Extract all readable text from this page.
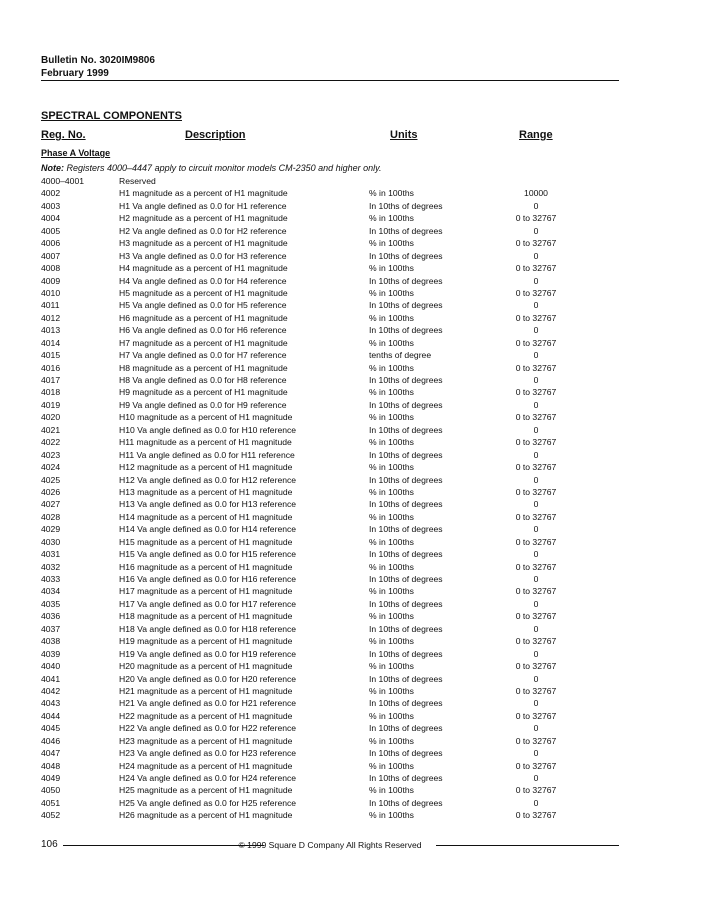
Bulletin No. 3020IM9806
February 1999
SPECTRAL COMPONENTS
Reg. No.	Description	Units	Range
Phase A Voltage
Note: Registers 4000–4447 apply to circuit monitor models CM-2350 and higher only.
4000–4001	Reserved
4002	H1 magnitude as a percent of H1 magnitude	% in 100ths	10000
4003	H1 Va angle defined as 0.0 for H1 reference	In 10ths of degrees	0
4004	H2 magnitude as a percent of H1 magnitude	% in 100ths	0 to 32767
4005	H2 Va angle defined as 0.0 for H2 reference	In 10ths of degrees	0
4006	H3 magnitude as a percent of H1 magnitude	% in 100ths	0 to 32767
4007	H3 Va angle defined as 0.0 for H3 reference	In 10ths of degrees	0
4008	H4 magnitude as a percent of H1 magnitude	% in 100ths	0 to 32767
4009	H4 Va angle defined as 0.0 for H4 reference	In 10ths of degrees	0
4010	H5 magnitude as a percent of H1 magnitude	% in 100ths	0 to 32767
4011	H5 Va angle defined as 0.0 for H5 reference	In 10ths of degrees	0
4012	H6 magnitude as a percent of H1 magnitude	% in 100ths	0 to 32767
4013	H6 Va angle defined as 0.0 for H6 reference	In 10ths of degrees	0
4014	H7 magnitude as a percent of H1 magnitude	% in 100ths	0 to 32767
4015	H7 Va angle defined as 0.0 for H7 reference	tenths of degree	0
4016	H8 magnitude as a percent of H1 magnitude	% in 100ths	0 to 32767
4017	H8 Va angle defined as 0.0 for H8 reference	In 10ths of degrees	0
4018	H9 magnitude as a percent of H1 magnitude	% in 100ths	0 to 32767
4019	H9 Va angle defined as 0.0 for H9 reference	In 10ths of degrees	0
4020	H10 magnitude as a percent of H1 magnitude	% in 100ths	0 to 32767
4021	H10 Va angle defined as 0.0 for H10 reference	In 10ths of degrees	0
4022	H11 magnitude as a percent of H1 magnitude	% in 100ths	0 to 32767
4023	H11 Va angle defined as 0.0 for H11 reference	In 10ths of degrees	0
4024	H12 magnitude as a percent of H1 magnitude	% in 100ths	0 to 32767
4025	H12 Va angle defined as 0.0 for H12 reference	In 10ths of degrees	0
4026	H13 magnitude as a percent of H1 magnitude	% in 100ths	0 to 32767
4027	H13 Va angle defined as 0.0 for H13 reference	In 10ths of degrees	0
4028	H14 magnitude as a percent of H1 magnitude	% in 100ths	0 to 32767
4029	H14 Va angle defined as 0.0 for H14 reference	In 10ths of degrees	0
4030	H15 magnitude as a percent of H1 magnitude	% in 100ths	0 to 32767
4031	H15 Va angle defined as 0.0 for H15 reference	In 10ths of degrees	0
4032	H16 magnitude as a percent of H1 magnitude	% in 100ths	0 to 32767
4033	H16 Va angle defined as 0.0 for H16 reference	In 10ths of degrees	0
4034	H17 magnitude as a percent of H1 magnitude	% in 100ths	0 to 32767
4035	H17 Va angle defined as 0.0 for H17 reference	In 10ths of degrees	0
4036	H18 magnitude as a percent of H1 magnitude	% in 100ths	0 to 32767
4037	H18 Va angle defined as 0.0 for H18 reference	In 10ths of degrees	0
4038	H19 magnitude as a percent of H1 magnitude	% in 100ths	0 to 32767
4039	H19 Va angle defined as 0.0 for H19 reference	In 10ths of degrees	0
4040	H20 magnitude as a percent of H1 magnitude	% in 100ths	0 to 32767
4041	H20 Va angle defined as 0.0 for H20 reference	In 10ths of degrees	0
4042	H21 magnitude as a percent of H1 magnitude	% in 100ths	0 to 32767
4043	H21 Va angle defined as 0.0 for H21 reference	In 10ths of degrees	0
4044	H22 magnitude as a percent of H1 magnitude	% in 100ths	0 to 32767
4045	H22 Va angle defined as 0.0 for H22 reference	In 10ths of degrees	0
4046	H23 magnitude as a percent of H1 magnitude	% in 100ths	0 to 32767
4047	H23 Va angle defined as 0.0 for H23 reference	In 10ths of degrees	0
4048	H24 magnitude as a percent of H1 magnitude	% in 100ths	0 to 32767
4049	H24 Va angle defined as 0.0 for H24 reference	In 10ths of degrees	0
4050	H25 magnitude as a percent of H1 magnitude	% in 100ths	0 to 32767
4051	H25 Va angle defined as 0.0 for H25 reference	In 10ths of degrees	0
4052	H26 magnitude as a percent of H1 magnitude	% in 100ths	0 to 32767
106	© 1999 Square D Company All Rights Reserved
